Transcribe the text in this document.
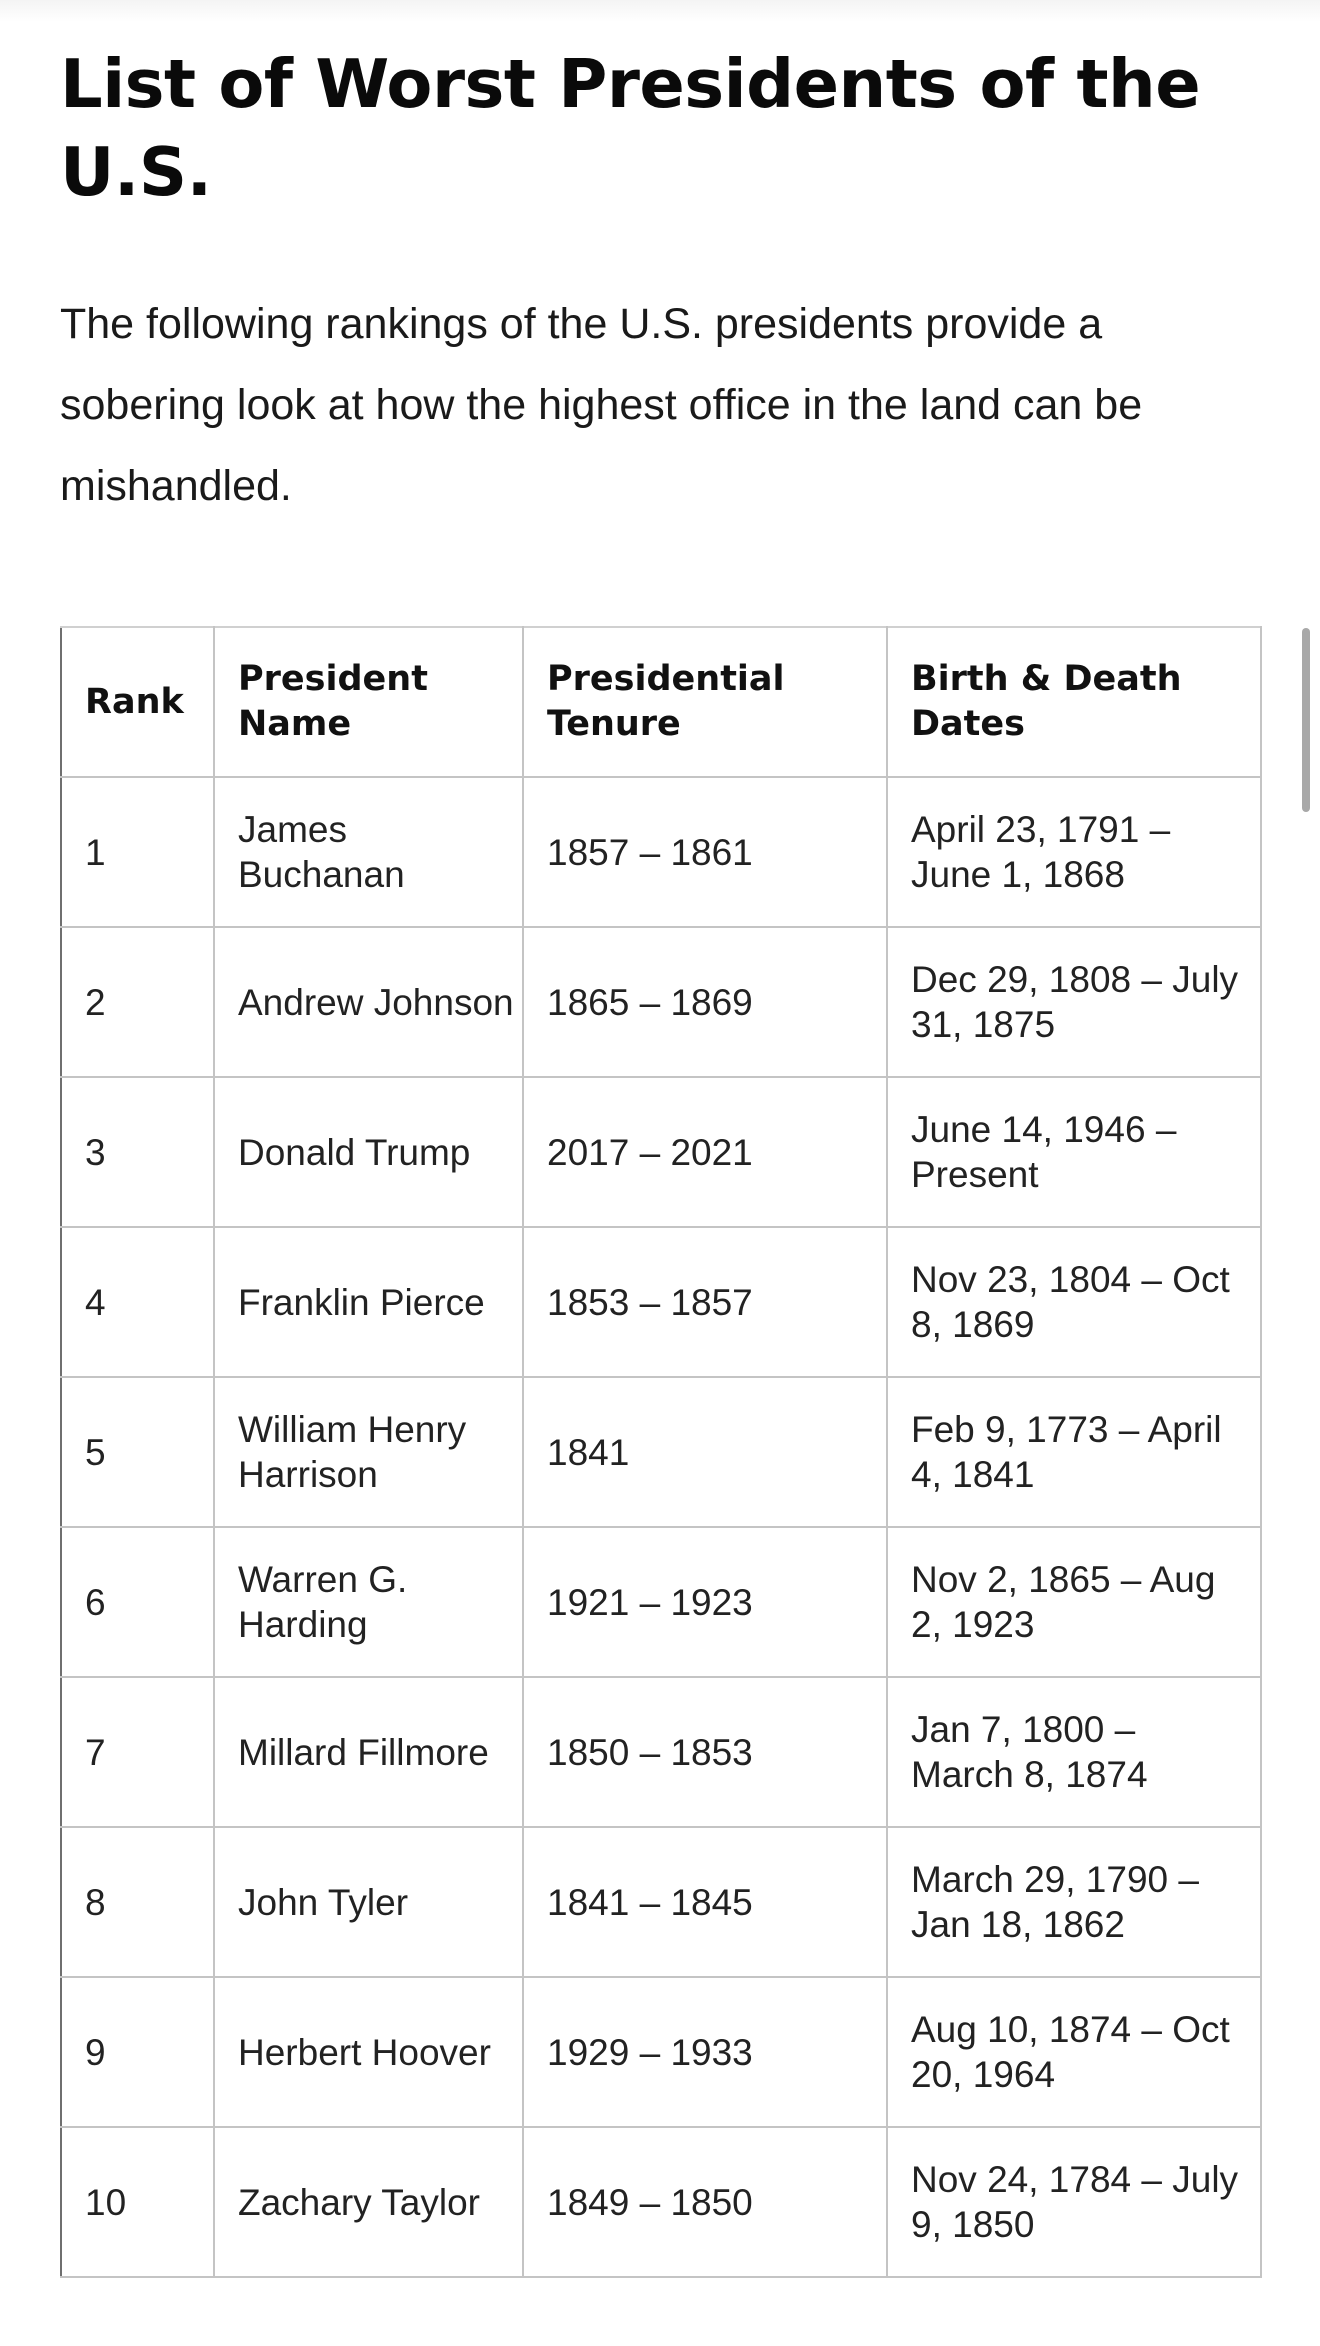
List of Worst Presidents of the U.S.

The following rankings of the U.S. presidents provide a sobering look at how the highest office in the land can be mishandled.

Rank	President Name	Presidential Tenure	Birth & Death Dates
1	James Buchanan	1857 – 1861	April 23, 1791 – June 1, 1868
2	Andrew Johnson	1865 – 1869	Dec 29, 1808 – July 31, 1875
3	Donald Trump	2017 – 2021	June 14, 1946 – Present
4	Franklin Pierce	1853 – 1857	Nov 23, 1804 – Oct 8, 1869
5	William Henry Harrison	1841	Feb 9, 1773 – April 4, 1841
6	Warren G. Harding	1921 – 1923	Nov 2, 1865 – Aug 2, 1923
7	Millard Fillmore	1850 – 1853	Jan 7, 1800 – March 8, 1874
8	John Tyler	1841 – 1845	March 29, 1790 – Jan 18, 1862
9	Herbert Hoover	1929 – 1933	Aug 10, 1874 – Oct 20, 1964
10	Zachary Taylor	1849 – 1850	Nov 24, 1784 – July 9, 1850
